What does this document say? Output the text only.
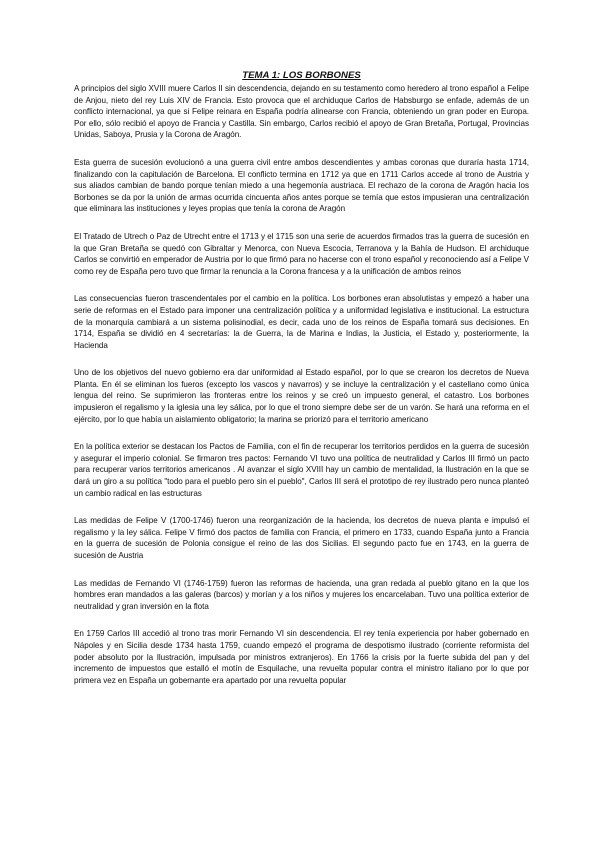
TEMA 1: LOS BORBONES

A principios del siglo XVIII muere Carlos II sin descendencia, dejando en su testamento como heredero al trono español a Felipe de Anjou, nieto del rey Luis XIV de Francia. Esto provoca que el archiduque Carlos de Habsburgo se enfade, además de un conflicto internacional, ya que si Felipe reinara en España podría alinearse con Francia, obteniendo un gran poder en Europa. Por ello, sólo recibió el apoyo de Francia y Castilla. Sin embargo, Carlos recibió el apoyo de Gran Bretaña, Portugal, Provincias Unidas, Saboya, Prusia y la Corona de Aragón.

Esta guerra de sucesión evolucionó a una guerra civil entre ambos descendientes y ambas coronas que duraría hasta 1714, finalizando con la capitulación de Barcelona. El conflicto termina en 1712 ya que en 1711 Carlos accede al trono de Austria y sus aliados cambian de bando porque tenían miedo a una hegemonía austriaca. El rechazo de la corona de Aragón hacia los Borbones se da por la unión de armas ocurrida cincuenta años antes porque se temía que estos impusieran una centralización que eliminara las instituciones y leyes propias que tenía la corona de Aragón

El Tratado de Utrech o Paz de Utrecht entre el 1713 y el 1715 son una serie de acuerdos firmados tras la guerra de sucesión en la que Gran Bretaña se quedó con Gibraltar y Menorca, con Nueva Escocia, Terranova y la Bahía de Hudson. El archiduque Carlos se convirtió en emperador de Austria por lo que firmó para no hacerse con el trono español y reconociendo así a Felipe V como rey de España pero tuvo que firmar la renuncia a la Corona francesa y a la unificación de ambos reinos

Las consecuencias fueron trascendentales por el cambio en la política. Los borbones eran absolutistas y empezó a haber una serie de reformas en el Estado para imponer una centralización política y a uniformidad legislativa e institucional. La estructura de la monarquía cambiará a un sistema polisinodial, es decir, cada uno de los reinos de España tomará sus decisiones. En 1714, España se dividió en 4 secretarías: la de Guerra, la de Marina e Indias, la Justicia, el Estado y, posteriormente, la Hacienda

Uno de los objetivos del nuevo gobierno era dar uniformidad al Estado español, por lo que se crearon los decretos de Nueva Planta. En él se eliminan los fueros (excepto los vascos y navarros) y se incluye la centralización y el castellano como única lengua del reino. Se suprimieron las fronteras entre los reinos y se creó un impuesto general, el catastro. Los borbones impusieron el regalismo y la iglesia una ley sálica, por lo que el trono siempre debe ser de un varón. Se hará una reforma en el ejército, por lo que había un aislamiento obligatorio; la marina se priorizó para el territorio americano

En la política exterior se destacan los Pactos de Familia, con el fin de recuperar los territorios perdidos en la guerra de sucesión y asegurar el imperio colonial. Se firmaron tres pactos: Fernando VI tuvo una política de neutralidad y Carlos III firmó un pacto para recuperar varios territorios americanos . Al avanzar el siglo XVIII hay un cambio de mentalidad, la Ilustración en la que se dará un giro a su política "todo para el pueblo pero sin el pueblo", Carlos III será el prototipo de rey ilustrado pero nunca planteó un cambio radical en las estructuras

Las medidas de Felipe V (1700-1746) fueron una reorganización de la hacienda, los decretos de nueva planta e impulsó el regalismo y la ley sálica. Felipe V firmó dos pactos de familia con Francia, el primero en 1733, cuando España junto a Francia en la guerra de sucesión de Polonia consigue el reino de las dos Sicilias. El segundo pacto fue en 1743, en la guerra de sucesión de Austria

Las medidas de Fernando VI (1746-1759) fueron las reformas de hacienda, una gran redada al pueblo gitano en la que los hombres eran mandados a las galeras (barcos) y morían y a los niños y mujeres los encarcelaban. Tuvo una política exterior de neutralidad y gran inversión en la flota

En 1759 Carlos III accedió al trono tras morir Fernando VI sin descendencia. El rey tenía experiencia por haber gobernado en Nápoles y en Sicilia desde 1734 hasta 1759, cuando empezó el programa de despotismo ilustrado (corriente reformista del poder absoluto por la Ilustración, impulsada por ministros extranjeros). En 1766 la crisis por la fuerte subida del pan y del incremento de impuestos que estalló el motín de Esquilache, una revuelta popular contra el ministro italiano por lo que por primera vez en España un gobernante era apartado por una revuelta popular
